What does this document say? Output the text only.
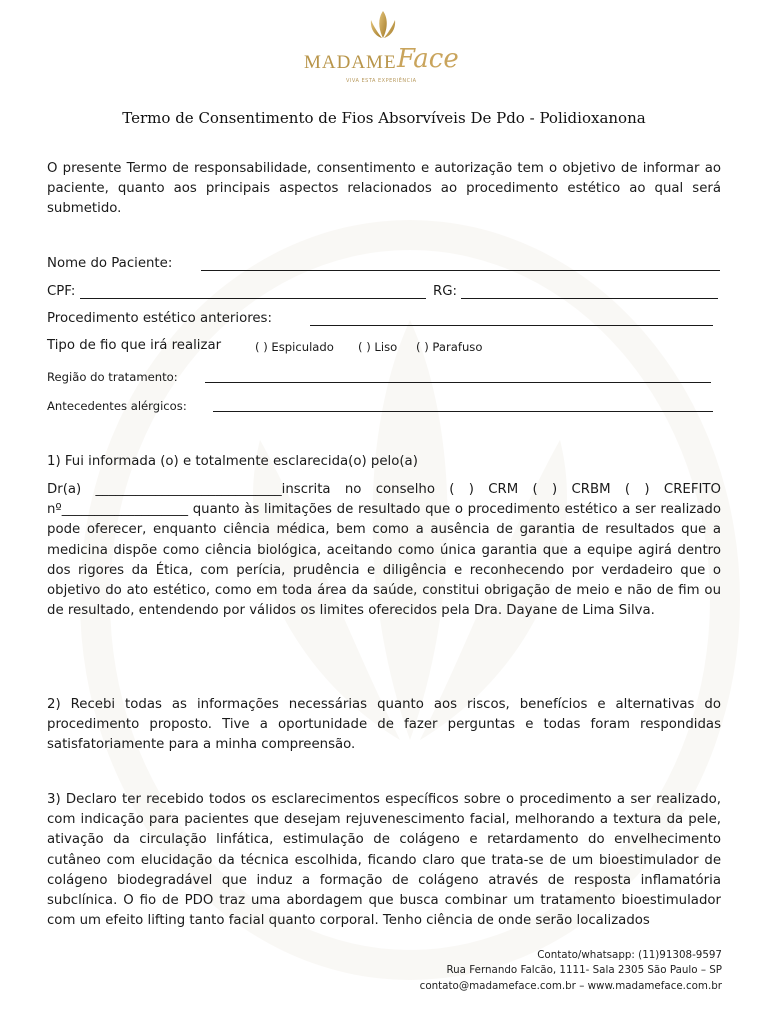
MADAME Face
VIVA ESTA EXPERIÊNCIA
Termo de Consentimento de Fios Absorvíveis De Pdo - Polidioxanona

O presente Termo de responsabilidade, consentimento e autorização tem o objetivo de informar ao paciente, quanto aos principais aspectos relacionados ao procedimento estético ao qual será submetido.

Nome do Paciente:
CPF:	RG:
Procedimento estético anteriores:
Tipo de fio que irá realizar	( ) Espiculado ( ) Liso ( ) Parafuso
Região do tratamento:
Antecedentes alérgicos:

1) Fui informada (o) e totalmente esclarecida(o) pelo(a)

Dr(a) ____________________________inscrita no conselho ( ) CRM ( ) CRBM ( ) CREFITO nº___________________ quanto às limitações de resultado que o procedimento estético a ser realizado pode oferecer, enquanto ciência médica, bem como a ausência de garantia de resultados que a medicina dispõe como ciência biológica, aceitando como única garantia que a equipe agirá dentro dos rigores da Ética, com perícia, prudência e diligência e reconhecendo por verdadeiro que o objetivo do ato estético, como em toda área da saúde, constitui obrigação de meio e não de fim ou de resultado, entendendo por válidos os limites oferecidos pela Dra. Dayane de Lima Silva.

2) Recebi todas as informações necessárias quanto aos riscos, benefícios e alternativas do procedimento proposto. Tive a oportunidade de fazer perguntas e todas foram respondidas satisfatoriamente para a minha compreensão.

3) Declaro ter recebido todos os esclarecimentos específicos sobre o procedimento a ser realizado, com indicação para pacientes que desejam rejuvenescimento facial, melhorando a textura da pele, ativação da circulação linfática, estimulação de colágeno e retardamento do envelhecimento cutâneo com elucidação da técnica escolhida, ficando claro que trata-se de um bioestimulador de colágeno biodegradável que induz a formação de colágeno através de resposta inflamatória subclínica. O fio de PDO traz uma abordagem que busca combinar um tratamento bioestimulador com um efeito lifting tanto facial quanto corporal. Tenho ciência de onde serão localizados

Contato/whatsapp: (11)91308-9597
Rua Fernando Falcão, 1111- Sala 2305 São Paulo – SP
contato@madameface.com.br – www.madameface.com.br
